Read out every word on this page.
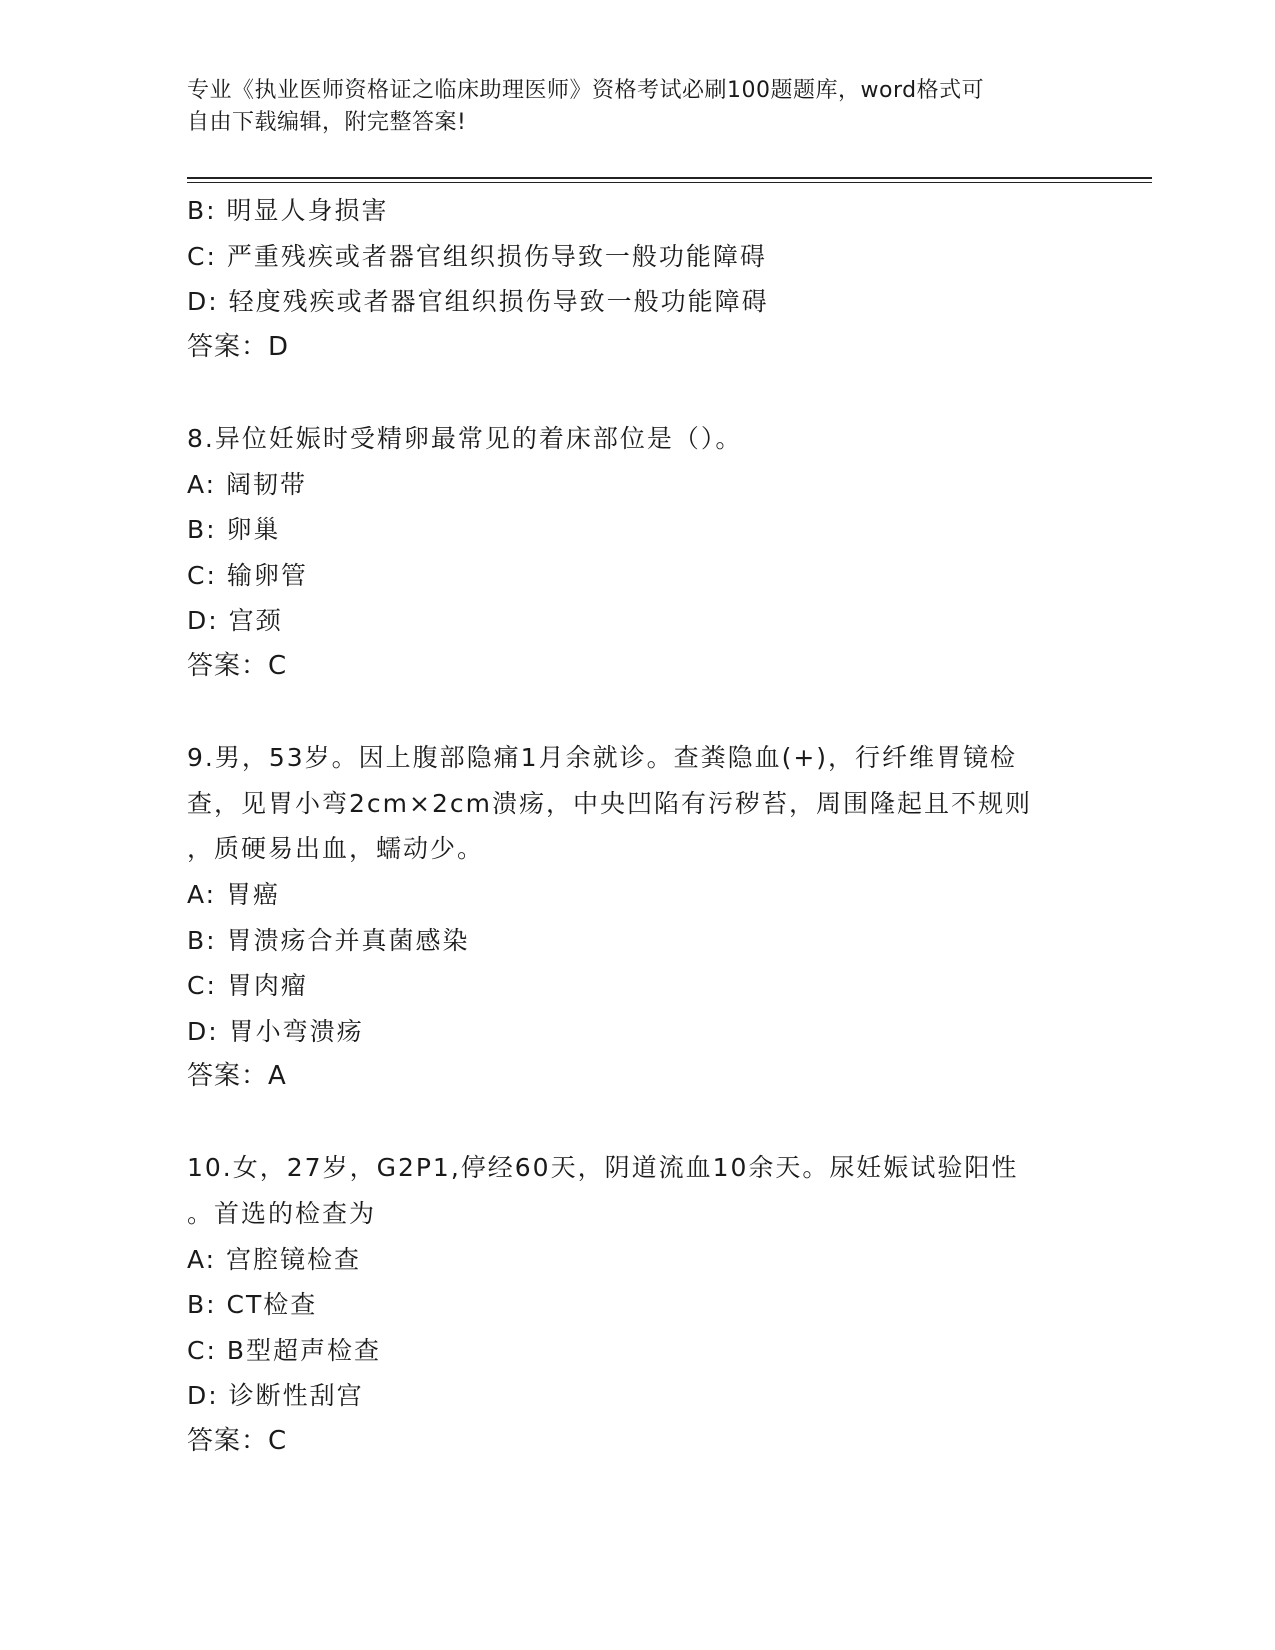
专业《执业医师资格证之临床助理医师》资格考试必刷100题题库，word格式可
自由下载编辑，附完整答案!
B: 明显人身损害
C: 严重残疾或者器官组织损伤导致一般功能障碍
D: 轻度残疾或者器官组织损伤导致一般功能障碍
答案：D
8.异位妊娠时受精卵最常见的着床部位是（）。
A: 阔韧带
B: 卵巢
C: 输卵管
D: 宫颈
答案：C
9.男，53岁。因上腹部隐痛1月余就诊。查粪隐血(+)，行纤维胃镜检
查，见胃小弯2cm×2cm溃疡，中央凹陷有污秽苔，周围隆起且不规则
，质硬易出血，蠕动少。
A: 胃癌
B: 胃溃疡合并真菌感染
C: 胃肉瘤
D: 胃小弯溃疡
答案：A
10.女，27岁，G2P1,停经60天，阴道流血10余天。尿妊娠试验阳性
。首选的检查为
A: 宫腔镜检查
B: CT检查
C: B型超声检查
D: 诊断性刮宫
答案：C
